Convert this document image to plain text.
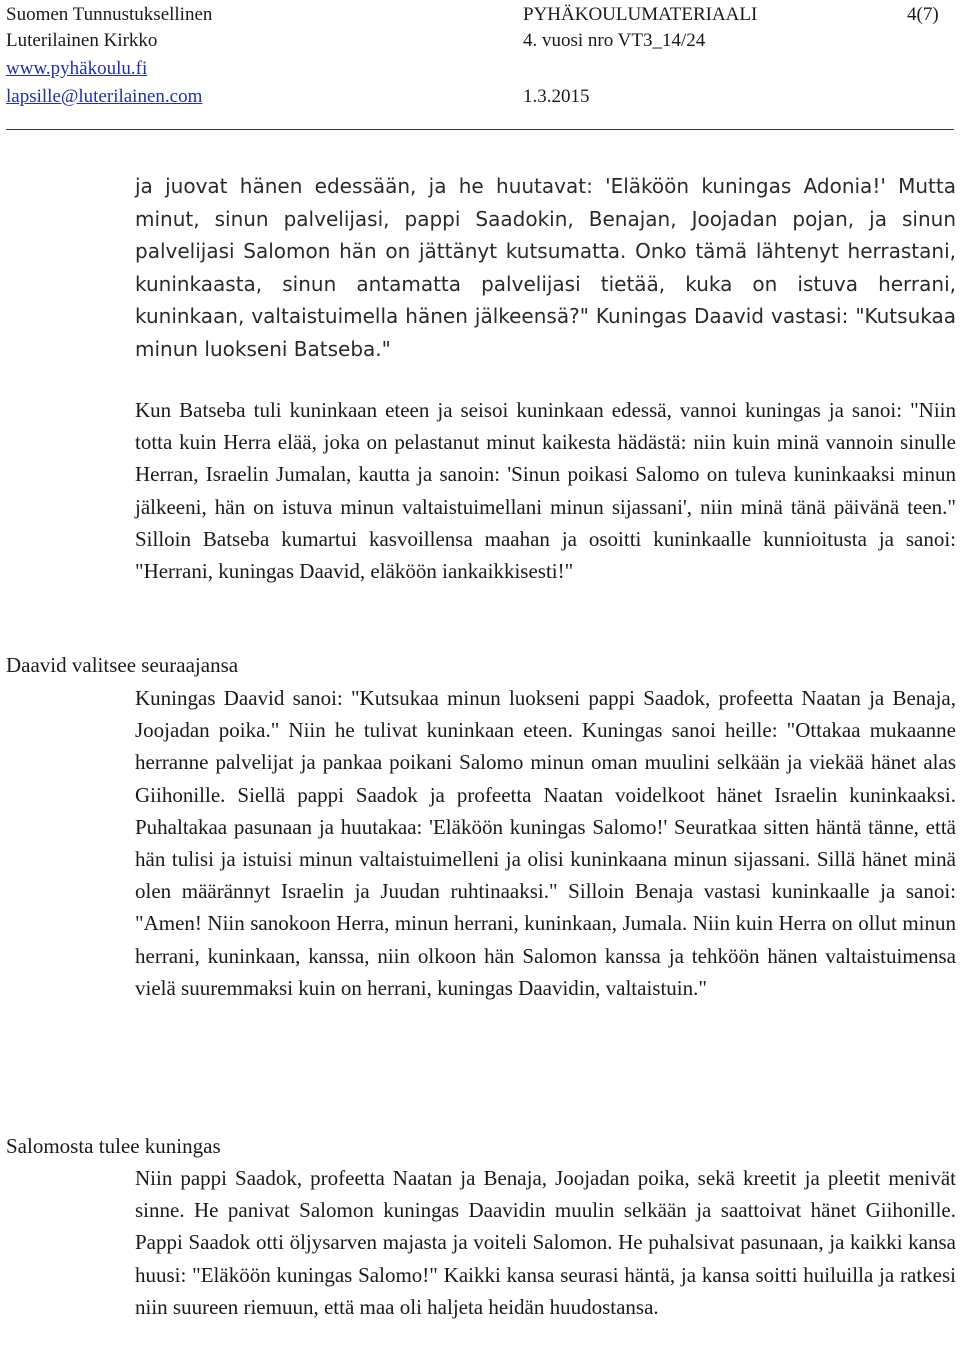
Suomen Tunnustuksellinen
Luterilainen Kirkko
www.pyhäkoulu.fi
lapsille@luterilainen.com
PYHÄKOULUMATERIAALI
4. vuosi nro VT3_14/24
1.3.2015
4(7)

ja juovat hänen edessään, ja he huutavat: 'Eläköön kuningas Adonia!' Mutta minut, sinun palvelijasi, pappi Saadokin, Benajan, Joojadan pojan, ja sinun palvelijasi Salomon hän on jättänyt kutsumatta. Onko tämä lähtenyt herrastani, kuninkaasta, sinun antamatta palvelijasi tietää, kuka on istuva herrani, kuninkaan, valtaistuimella hänen jälkeensä?" Kuningas Daavid vastasi: "Kutsukaa minun luokseni Batseba."

Kun Batseba tuli kuninkaan eteen ja seisoi kuninkaan edessä, vannoi kuningas ja sanoi: "Niin totta kuin Herra elää, joka on pelastanut minut kaikesta hädästä: niin kuin minä vannoin sinulle Herran, Israelin Jumalan, kautta ja sanoin: 'Sinun poikasi Salomo on tuleva kuninkaaksi minun jälkeeni, hän on istuva minun valtaistuimellani minun sijassani', niin minä tänä päivänä teen." Silloin Batseba kumartui kasvoillensa maahan ja osoitti kuninkaalle kunnioitusta ja sanoi: "Herrani, kuningas Daavid, eläköön iankaikkisesti!"

Daavid valitsee seuraajansa

Kuningas Daavid sanoi: "Kutsukaa minun luokseni pappi Saadok, profeetta Naatan ja Benaja, Joojadan poika." Niin he tulivat kuninkaan eteen. Kuningas sanoi heille: "Ottakaa mukaanne herranne palvelijat ja pankaa poikani Salomo minun oman muulini selkään ja viekää hänet alas Giihonille. Siellä pappi Saadok ja profeetta Naatan voidelkoot hänet Israelin kuninkaaksi. Puhaltakaa pasunaan ja huutakaa: 'Eläköön kuningas Salomo!' Seuratkaa sitten häntä tänne, että hän tulisi ja istuisi minun valtaistuimelleni ja olisi kuninkaana minun sijassani. Sillä hänet minä olen määrännyt Israelin ja Juudan ruhtinaaksi." Silloin Benaja vastasi kuninkaalle ja sanoi: "Amen! Niin sanokoon Herra, minun herrani, kuninkaan, Jumala. Niin kuin Herra on ollut minun herrani, kuninkaan, kanssa, niin olkoon hän Salomon kanssa ja tehköön hänen valtaistuimensa vielä suuremmaksi kuin on herrani, kuningas Daavidin, valtaistuin."

Salomosta tulee kuningas

Niin pappi Saadok, profeetta Naatan ja Benaja, Joojadan poika, sekä kreetit ja pleetit menivät sinne. He panivat Salomon kuningas Daavidin muulin selkään ja saattoivat hänet Giihonille. Pappi Saadok otti öljysarven majasta ja voiteli Salomon. He puhalsivat pasunaan, ja kaikki kansa huusi: "Eläköön kuningas Salomo!" Kaikki kansa seurasi häntä, ja kansa soitti huiluilla ja ratkesi niin suureen riemuun, että maa oli haljeta heidän huudostansa.
